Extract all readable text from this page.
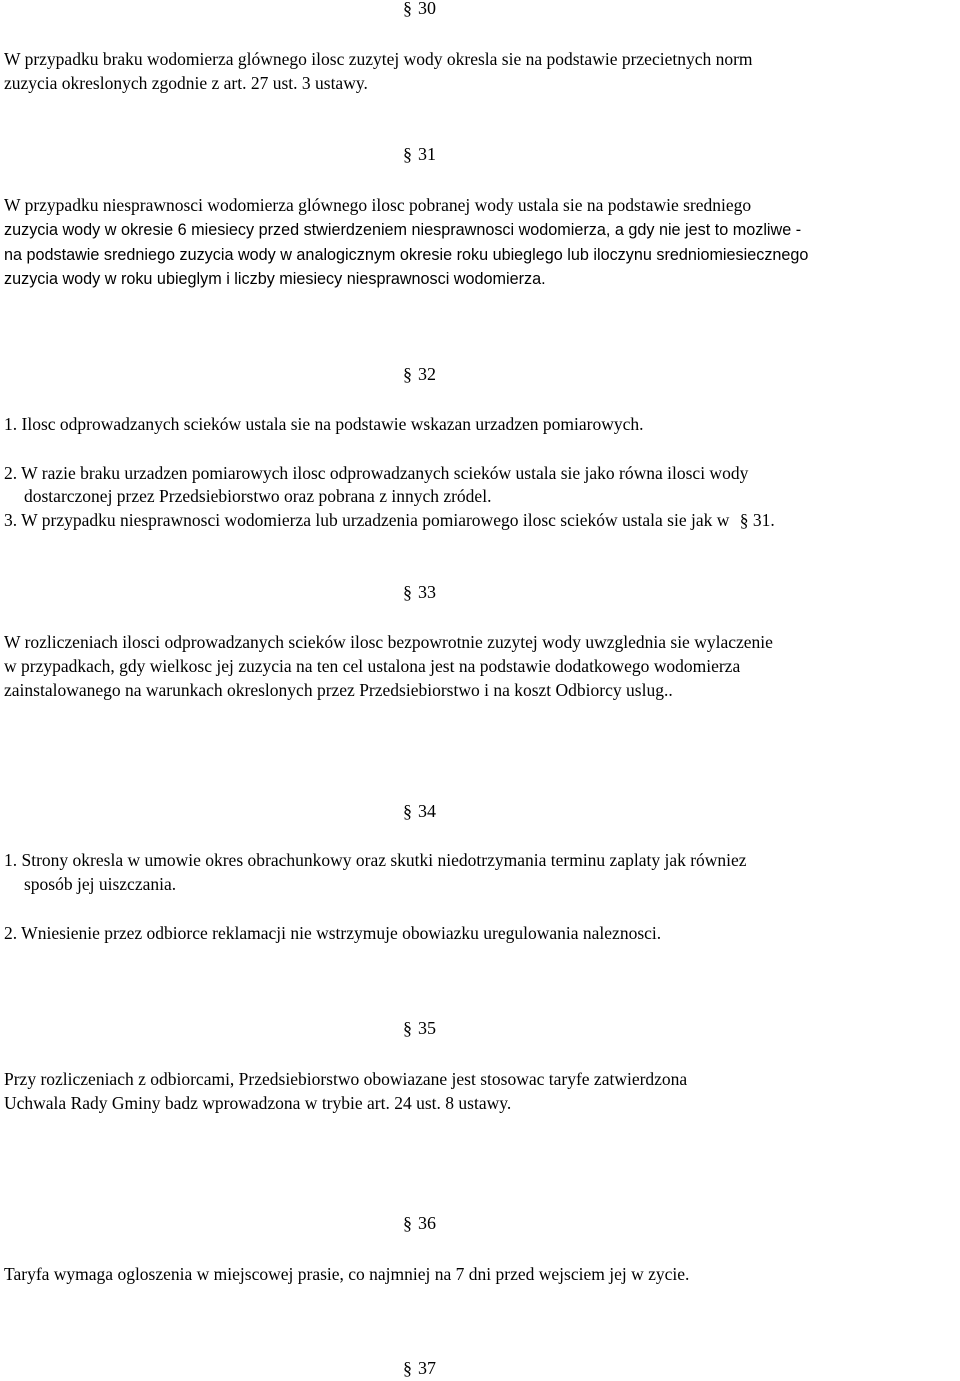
§ 30
W przypadku braku wodomierza glównеgo ilosc zuzytej wody okresla sie na podstawie przecietnych norm
zuzycia okreslonych zgodnie z art. 27 ust. 3 ustawy.
§ 31
W przypadku niesprawnosci wodomierza glównego ilosc pobranej wody ustala sie na podstawie sredniego
zuzycia wody w okresie 6 miesiecy przed stwierdzeniem niesprawnosci wodomierza, a gdy nie jest to mozliwe -
na podstawie sredniego zuzycia wody w analogicznym okresie roku ubieglego lub iloczynu sredniomiesiecznego
zuzycia wody w roku ubieglym i liczby miesiecy niesprawnosci wodomierza.
§ 32
1. Ilosc odprowadzanych scieków ustala sie na podstawie wskazan urzadzen pomiarowych.
2. W razie braku urzadzen pomiarowych ilosc odprowadzanych scieków ustala sie jako równa ilosci wody
dostarczonej przez Przedsiebiorstwo oraz pobrana z innych zródel.
3. W przypadku niesprawnosci wodomierza lub urzadzenia pomiarowego ilosc scieków ustala sie jak w § 31.
§ 33
W rozliczeniach ilosci odprowadzanych scieków ilosc bezpowrotnie zuzytej wody uwzglednia sie wylaczenie
w przypadkach, gdy wielkosc jej zuzycia na ten cel ustalona jest na podstawie dodatkowego wodomierza
zainstalowanego na warunkach okreslonych przez Przedsiebiorstwo i na koszt Odbiorcy uslug..
§ 34
1. Strony okresla w umowie okres obrachunkowy oraz skutki niedotrzymania terminu zaplaty jak równiez
sposób jej uiszczania.
2. Wniesienie przez odbiorce reklamacji nie wstrzymuje obowiazku uregulowania naleznosci.
§ 35
Przy rozliczeniach z odbiorcami, Przedsiebiorstwo obowiazane jest stosowac taryfe zatwierdzona
Uchwala Rady Gminy badz wprowadzona w trybie art. 24 ust. 8 ustawy.
§ 36
Taryfa wymaga ogloszenia w miejscowej prasie, co najmniej na 7 dni przed wejsciem jej w zycie.
§ 37
